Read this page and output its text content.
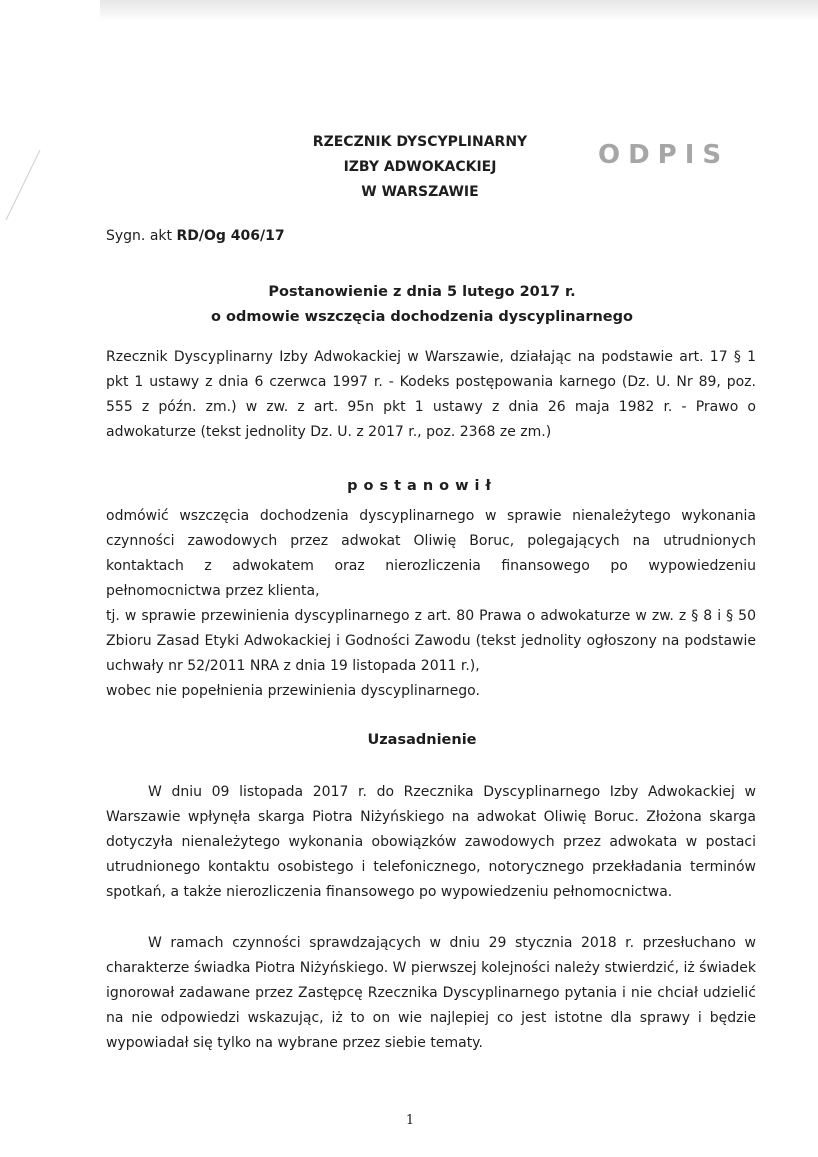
RZECZNIK DYSCYPLINARNY
IZBY ADWOKACKIEJ
W WARSZAWIE
ODPIS
Sygn. akt RD/Og 406/17
Postanowienie z dnia 5 lutego 2017 r.
o odmowie wszczęcia dochodzenia dyscyplinarnego
Rzecznik Dyscyplinarny Izby Adwokackiej w Warszawie, działając na podstawie art. 17 § 1 pkt 1 ustawy z dnia 6 czerwca 1997 r. - Kodeks postępowania karnego (Dz. U. Nr 89, poz. 555 z późn. zm.) w zw. z art. 95n pkt 1 ustawy z dnia 26 maja 1982 r. - Prawo o adwokaturze (tekst jednolity Dz. U. z 2017 r., poz. 2368 ze zm.)
postanowił
odmówić wszczęcia dochodzenia dyscyplinarnego w sprawie nienależytego wykonania czynności zawodowych przez adwokat Oliwię Boruc, polegających na utrudnionych kontaktach z adwokatem oraz nierozliczenia finansowego po wypowiedzeniu pełnomocnictwa przez klienta,
tj. w sprawie przewinienia dyscyplinarnego z art. 80 Prawa o adwokaturze w zw. z § 8 i § 50 Zbioru Zasad Etyki Adwokackiej i Godności Zawodu (tekst jednolity ogłoszony na podstawie uchwały nr 52/2011 NRA z dnia 19 listopada 2011 r.),
wobec nie popełnienia przewinienia dyscyplinarnego.
Uzasadnienie
W dniu 09 listopada 2017 r. do Rzecznika Dyscyplinarnego Izby Adwokackiej w Warszawie wpłynęła skarga Piotra Niżyńskiego na adwokat Oliwię Boruc. Złożona skarga dotyczyła nienależytego wykonania obowiązków zawodowych przez adwokata w postaci utrudnionego kontaktu osobistego i telefonicznego, notorycznego przekładania terminów spotkań, a także nierozliczenia finansowego po wypowiedzeniu pełnomocnictwa.
W ramach czynności sprawdzających w dniu 29 stycznia 2018 r. przesłuchano w charakterze świadka Piotra Niżyńskiego. W pierwszej kolejności należy stwierdzić, iż świadek ignorował zadawane przez Zastępcę Rzecznika Dyscyplinarnego pytania i nie chciał udzielić na nie odpowiedzi wskazując, iż to on wie najlepiej co jest istotne dla sprawy i będzie wypowiadał się tylko na wybrane przez siebie tematy.
1
